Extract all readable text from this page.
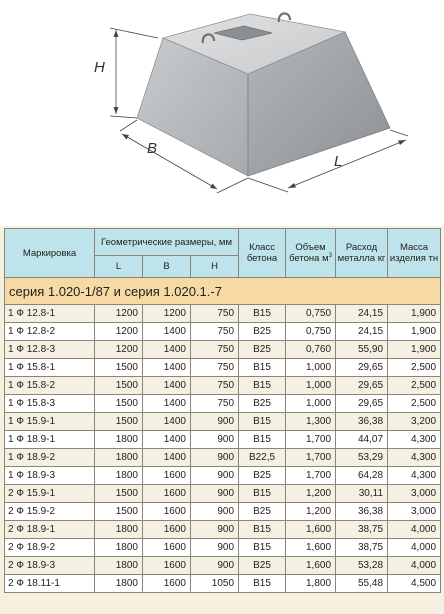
H
B
L
Маркировка	Геометрические размеры, мм			Класс бетона	Объем бетона $м^3$	Расход металла кг	Масса изделия тн
	L	B	H				
серия 1.020-1/87 и серия 1.020.1.-7							
1 Ф 12.8-1	1200	1200	750	В15	0,750	24,15	1,900
1 Ф 12.8-2	1200	1400	750	В25	0,750	24,15	1,900
1 Ф 12.8-3	1200	1400	750	В25	0,760	55,90	1,900
1 Ф 15.8-1	1500	1400	750	В15	1,000	29,65	2,500
1 Ф 15.8-2	1500	1400	750	В15	1,000	29,65	2,500
1 Ф 15.8-3	1500	1400	750	В25	1,000	29,65	2,500
1 Ф 15.9-1	1500	1400	900	В15	1,300	36,38	3,200
1 Ф 18.9-1	1800	1400	900	В15	1,700	44,07	4,300
1 Ф 18.9-2	1800	1400	900	В22,5	1,700	53,29	4,300
1 Ф 18.9-3	1800	1600	900	В25	1,700	64,28	4,300
2 Ф 15.9-1	1500	1600	900	В15	1,200	30,11	3,000
2 Ф 15.9-2	1500	1600	900	В25	1,200	36,38	3,000
2 Ф 18.9-1	1800	1600	900	В15	1,600	38,75	4,000
2 Ф 18.9-2	1800	1600	900	В15	1,600	38,75	4,000
2 Ф 18.9-3	1800	1600	900	В25	1,600	53,28	4,000
2 Ф 18.11-1	1800	1600	1050	В15	1,800	55,48	4,500
